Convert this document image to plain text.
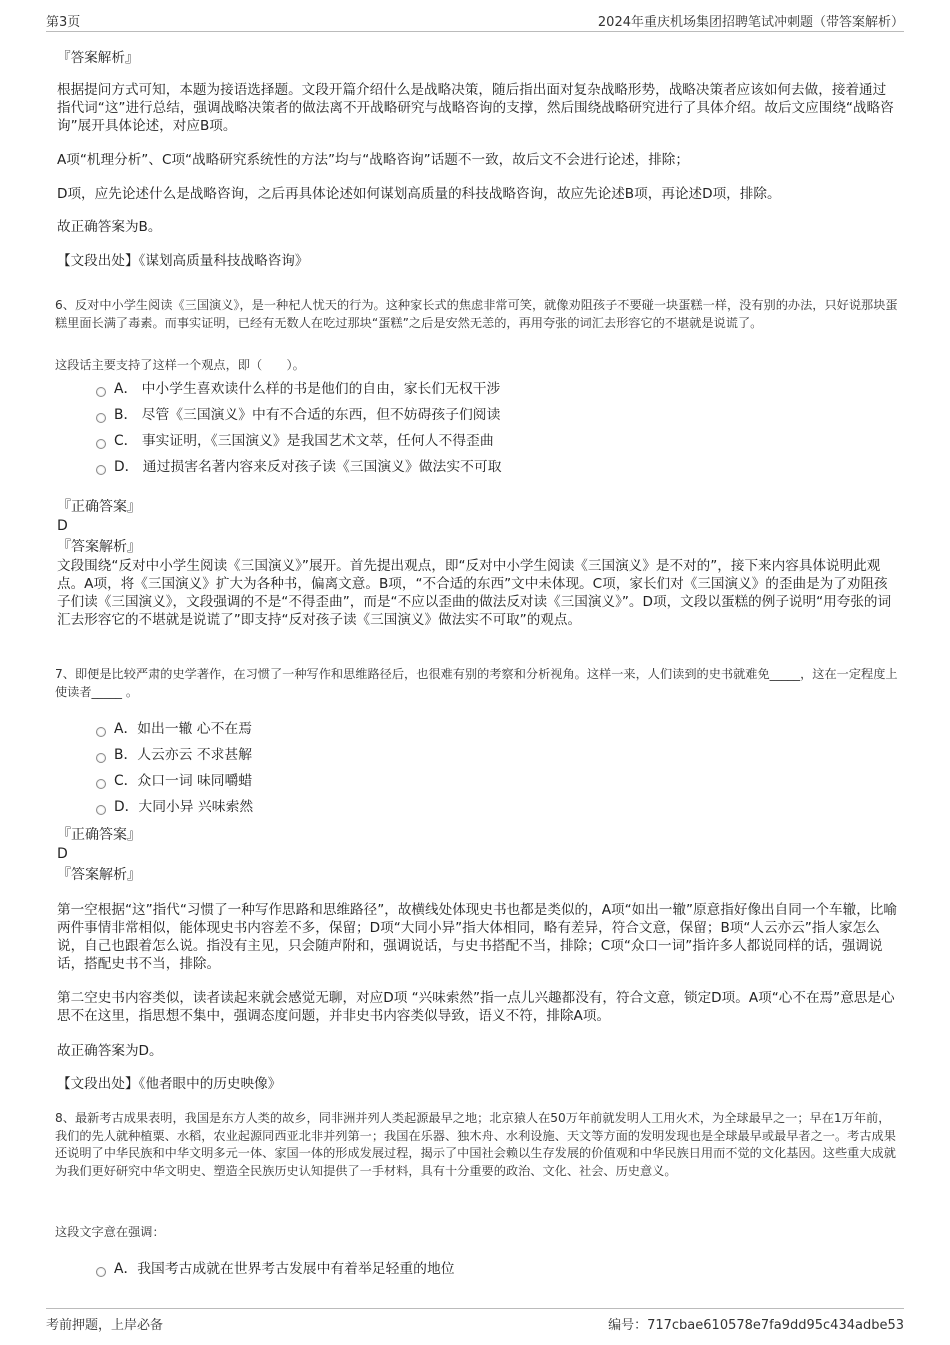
第3页	2024年重庆机场集团招聘笔试冲刺题（带答案解析）

『答案解析』

根据提问方式可知，本题为接语选择题。文段开篇介绍什么是战略决策，随后指出面对复杂战略形势，战略决策者应该如何去做，接着通过指代词“这”进行总结，强调战略决策者的做法离不开战略研究与战略咨询的支撑，然后围绕战略研究进行了具体介绍。故后文应围绕“战略咨询”展开具体论述，对应B项。

A项“机理分析”、C项“战略研究系统性的方法”均与“战略咨询”话题不一致，故后文不会进行论述，排除；

D项，应先论述什么是战略咨询，之后再具体论述如何谋划高质量的科技战略咨询，故应先论述B项，再论述D项，排除。

故正确答案为B。

【文段出处】《谋划高质量科技战略咨询》

6、反对中小学生阅读《三国演义》，是一种杞人忧天的行为。这种家长式的焦虑非常可笑，就像劝阻孩子不要碰一块蛋糕一样，没有别的办法，只好说那块蛋糕里面长满了毒素。而事实证明，已经有无数人在吃过那块“蛋糕”之后是安然无恙的，再用夸张的词汇去形容它的不堪就是说谎了。

这段话主要支持了这样一个观点，即（　　）。

A． 中小学生喜欢读什么样的书是他们的自由，家长们无权干涉
B． 尽管《三国演义》中有不合适的东西，但不妨碍孩子们阅读
C． 事实证明，《三国演义》是我国艺术文萃，任何人不得歪曲
D． 通过损害名著内容来反对孩子读《三国演义》做法实不可取
『正确答案』
D
『答案解析』

文段围绕“反对中小学生阅读《三国演义》”展开。首先提出观点，即“反对中小学生阅读《三国演义》是不对的”，接下来内容具体说明此观点。A项，将《三国演义》扩大为各种书，偏离文意。B项，“不合适的东西”文中未体现。C项，家长们对《三国演义》的歪曲是为了劝阻孩子们读《三国演义》，文段强调的不是“不得歪曲”，而是“不应以歪曲的做法反对读《三国演义》”。D项，文段以蛋糕的例子说明“用夸张的词汇去形容它的不堪就是说谎了”即支持“反对孩子读《三国演义》做法实不可取”的观点。

7、即便是比较严肃的史学著作，在习惯了一种写作和思维路径后，也很难有别的考察和分析视角。这样一来，人们读到的史书就难免_____，这在一定程度上使读者_____ 。

A．如出一辙 心不在焉
B．人云亦云 不求甚解
C．众口一词 味同嚼蜡
D．大同小异 兴味索然
『正确答案』
D
『答案解析』

第一空根据“这”指代“习惯了一种写作思路和思维路径”，故横线处体现史书也都是类似的，A项“如出一辙”原意指好像出自同一个车辙，比喻两件事情非常相似，能体现史书内容差不多，保留；D项“大同小异”指大体相同，略有差异，符合文意，保留；B项“人云亦云”指人家怎么说，自己也跟着怎么说。指没有主见，只会随声附和，强调说话，与史书搭配不当，排除；C项“众口一词”指许多人都说同样的话，强调说话，搭配史书不当，排除。

第二空史书内容类似，读者读起来就会感觉无聊，对应D项 “兴味索然”指一点儿兴趣都没有，符合文意，锁定D项。A项“心不在焉”意思是心思不在这里，指思想不集中，强调态度问题，并非史书内容类似导致，语义不符，排除A项。

故正确答案为D。

【文段出处】《他者眼中的历史映像》

8、最新考古成果表明，我国是东方人类的故乡，同非洲并列人类起源最早之地；北京猿人在50万年前就发明人工用火术，为全球最早之一；早在1万年前，我们的先人就种植粟、水稻，农业起源同西亚北非并列第一；我国在乐器、独木舟、水利设施、天文等方面的发明发现也是全球最早或最早者之一。考古成果还说明了中华民族和中华文明多元一体、家国一体的形成发展过程，揭示了中国社会赖以生存发展的价值观和中华民族日用而不觉的文化基因。这些重大成就为我们更好研究中华文明史、塑造全民族历史认知提供了一手材料，具有十分重要的政治、文化、社会、历史意义。

这段文字意在强调：

A．我国考古成就在世界考古发展中有着举足轻重的地位
考前押题，上岸必备	编号：717cbae610578e7fa9dd95c434adbe53
